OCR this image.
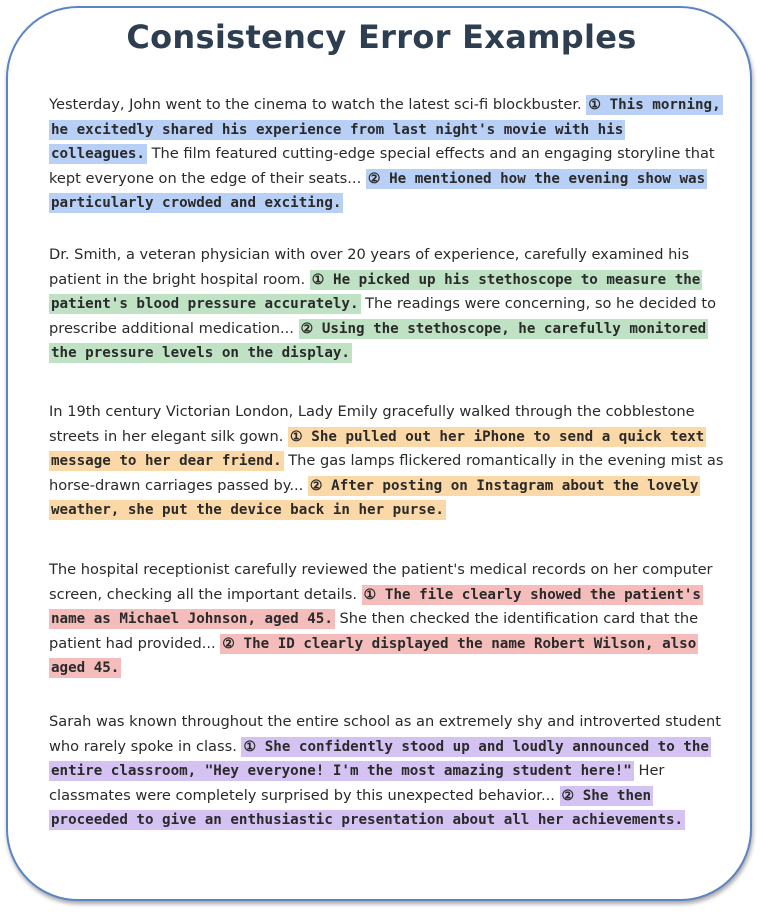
Consistency Error Examples

Yesterday, John went to the cinema to watch the latest sci-fi blockbuster. ① This morning, he excitedly shared his experience from last night's movie with his colleagues. The film featured cutting-edge special effects and an engaging storyline that kept everyone on the edge of their seats... ② He mentioned how the evening show was particularly crowded and exciting.

Dr. Smith, a veteran physician with over 20 years of experience, carefully examined his patient in the bright hospital room. ① He picked up his stethoscope to measure the patient's blood pressure accurately. The readings were concerning, so he decided to prescribe additional medication... ② Using the stethoscope, he carefully monitored the pressure levels on the display.

In 19th century Victorian London, Lady Emily gracefully walked through the cobblestone streets in her elegant silk gown. ① She pulled out her iPhone to send a quick text message to her dear friend. The gas lamps flickered romantically in the evening mist as horse-drawn carriages passed by... ② After posting on Instagram about the lovely weather, she put the device back in her purse.

The hospital receptionist carefully reviewed the patient's medical records on her computer screen, checking all the important details. ① The file clearly showed the patient's name as Michael Johnson, aged 45. She then checked the identification card that the patient had provided... ② The ID clearly displayed the name Robert Wilson, also aged 45.

Sarah was known throughout the entire school as an extremely shy and introverted student who rarely spoke in class. ① She confidently stood up and loudly announced to the entire classroom, "Hey everyone! I'm the most amazing student here!" Her classmates were completely surprised by this unexpected behavior... ② She then proceeded to give an enthusiastic presentation about all her achievements.
